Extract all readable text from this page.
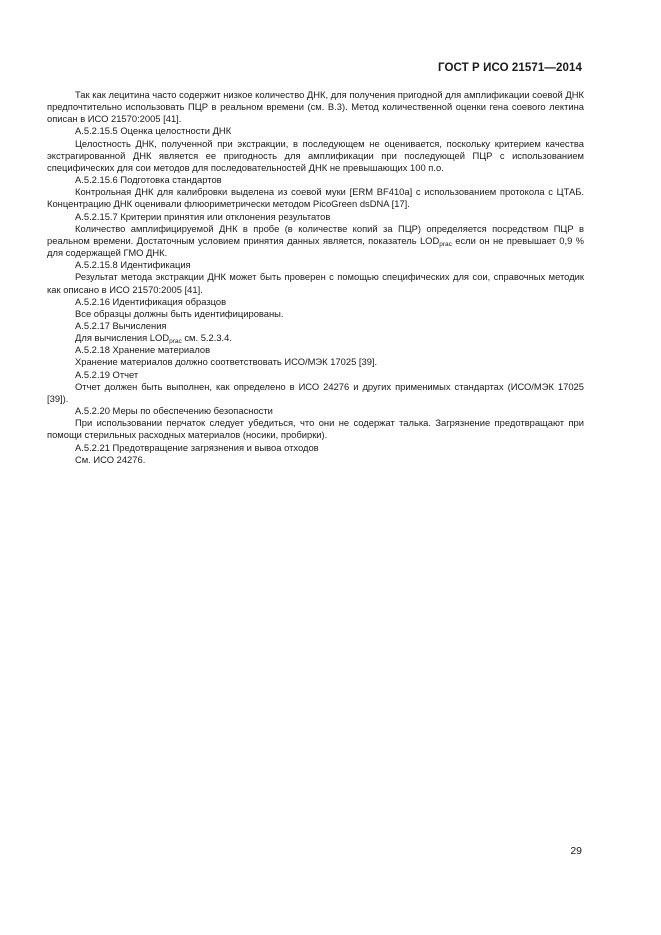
ГОСТ Р ИСО 21571—2014

Так как лецитина часто содержит низкое количество ДНК, для получения пригодной для амплификации соевой ДНК предпочтительно использовать ПЦР в реальном времени (см. В.3). Метод количественной оценки гена соевого лектина описан в ИСО 21570:2005 [41].

А.5.2.15.5 Оценка целостности ДНК

Целостность ДНК, полученной при экстракции, в последующем не оценивается, поскольку критерием качества экстрагированной ДНК является ее пригодность для амплификации при последующей ПЦР с использованием специфических для сои методов для последовательностей ДНК не превышающих 100 п.о.

А.5.2.15.6 Подготовка стандартов

Контрольная ДНК для калибровки выделена из соевой муки [ERM BF410a] с использованием протокола с ЦТАБ. Концентрацию ДНК оценивали флюориметрически методом PicoGreen dsDNA [17].

А.5.2.15.7 Критерии принятия или отклонения результатов

Количество амплифицируемой ДНК в пробе (в количестве копий за ПЦР) определяется посредством ПЦР в реальном времени. Достаточным условием принятия данных является, показатель $LOD_{prac}$ если он не превышает 0,9 % для содержащей ГМО ДНК.

А.5.2.15.8 Идентификация

Результат метода экстракции ДНК может быть проверен с помощью специфических для сои, справочных методик как описано в ИСО 21570:2005 [41].

А.5.2.16 Идентификация образцов

Все образцы должны быть идентифицированы.

А.5.2.17 Вычисления

Для вычисления $LOD_{prac}$ см. 5.2.3.4.

А.5.2.18 Хранение материалов

Хранение материалов должно соответствовать ИСО/МЭК 17025 [39].

А.5.2.19 Отчет

Отчет должен быть выполнен, как определено в ИСО 24276 и других применимых стандартах (ИСО/МЭК 17025 [39]).

А.5.2.20 Меры по обеспечению безопасности

При использовании перчаток следует убедиться, что они не содержат талька. Загрязнение предотвращают при помощи стерильных расходных материалов (носики, пробирки).

А.5.2.21 Предотвращение загрязнения и вывоа отходов

См. ИСО 24276.

29
